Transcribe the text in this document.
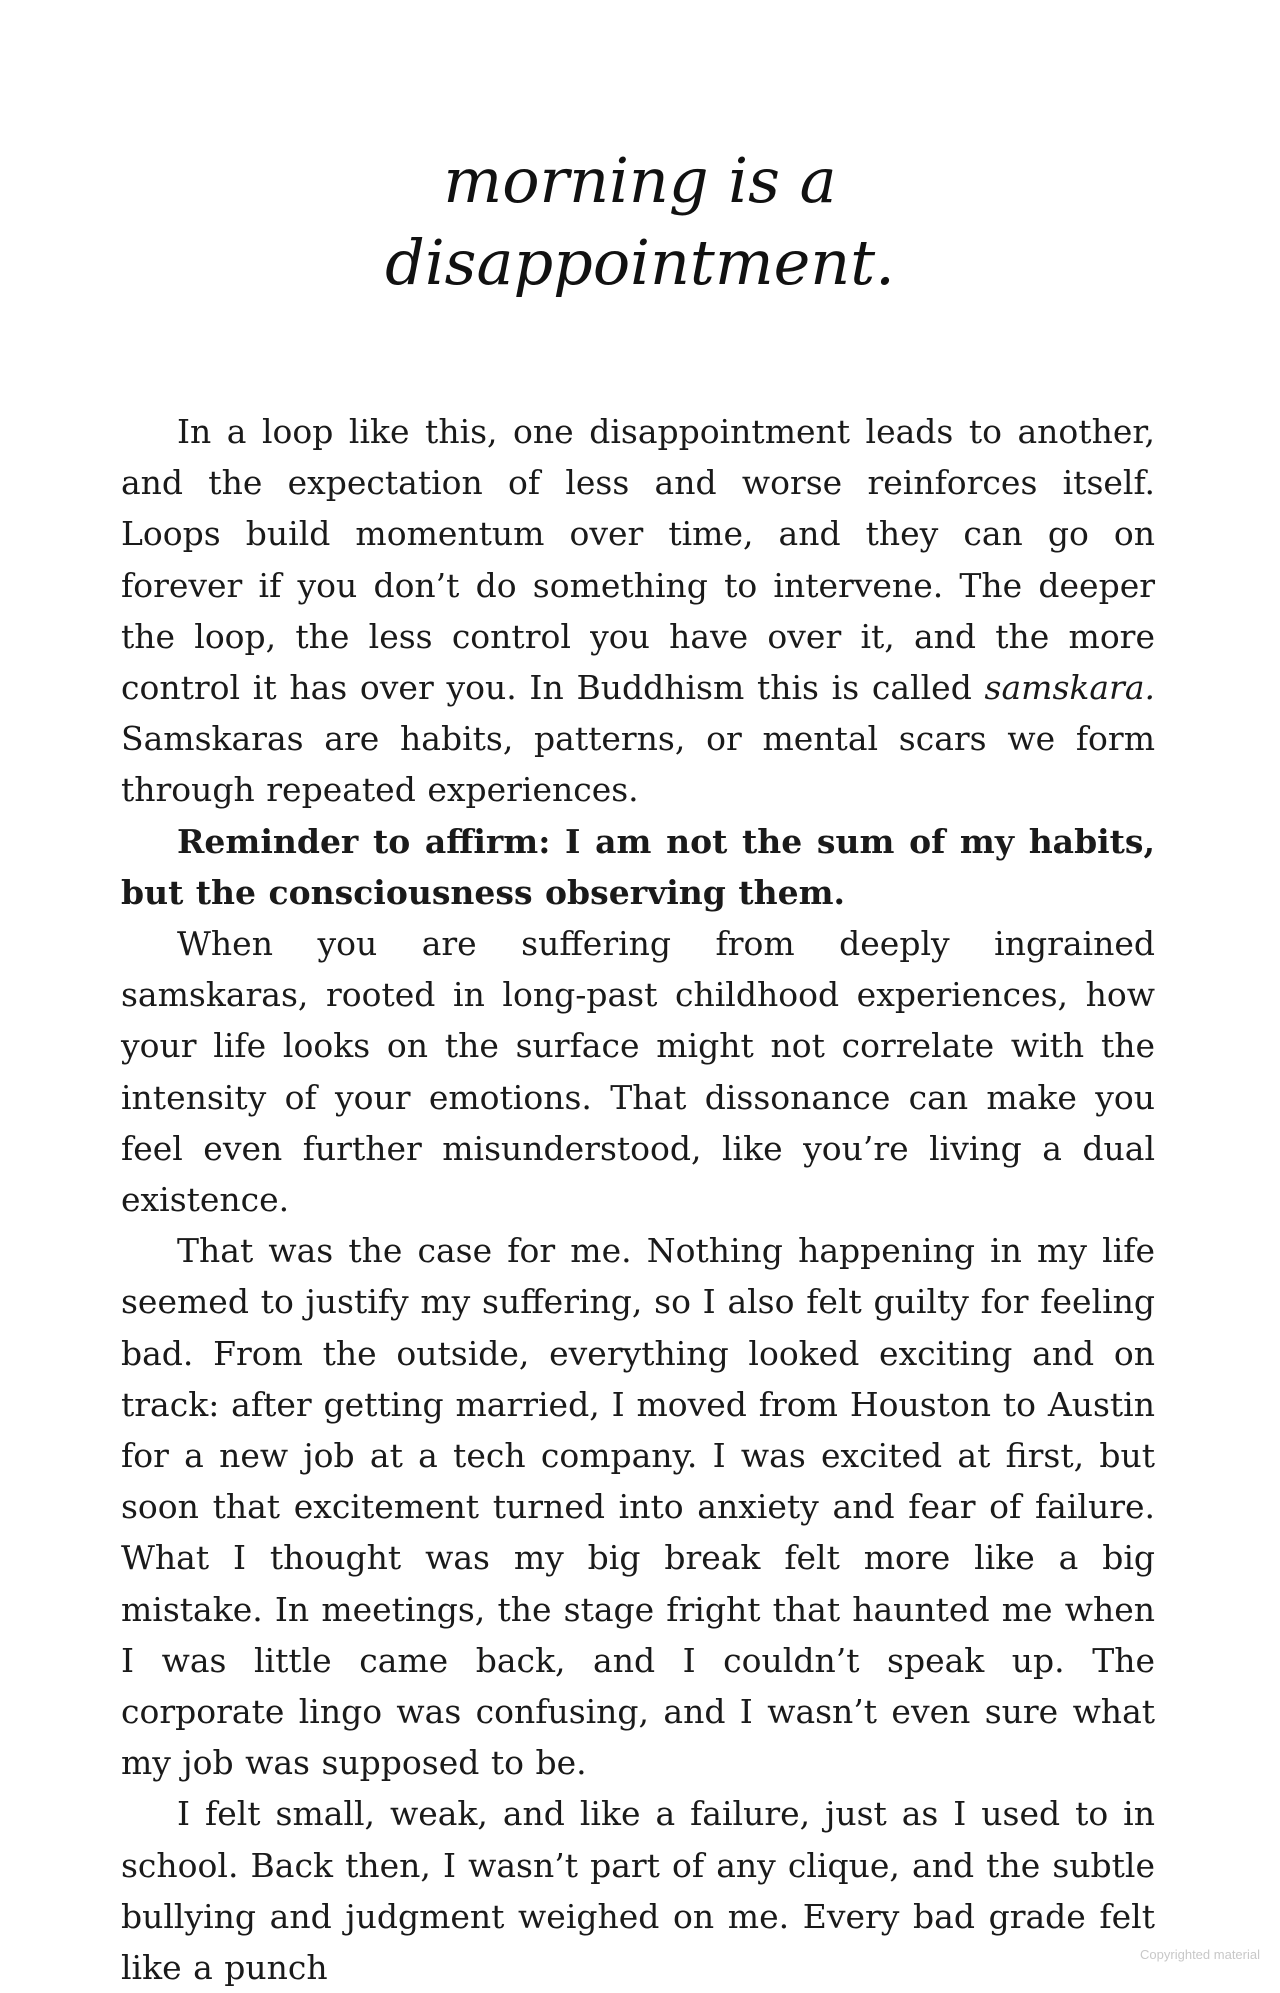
morning is a
disappointment.

In a loop like this, one disappointment leads to another, and the expectation of less and worse reinforces itself. Loops build momentum over time, and they can go on forever if you don’t do something to intervene. The deeper the loop, the less control you have over it, and the more control it has over you. In Buddhism this is called samskara. Samskaras are habits, patterns, or mental scars we form through repeated experiences.

Reminder to affirm: I am not the sum of my habits, but the consciousness observing them.

When you are suffering from deeply ingrained samskaras, rooted in long-past childhood experiences, how your life looks on the surface might not correlate with the intensity of your emotions. That dissonance can make you feel even further misunderstood, like you’re living a dual existence.

That was the case for me. Nothing happening in my life seemed to justify my suffering, so I also felt guilty for feeling bad. From the outside, everything looked exciting and on track: after getting married, I moved from Houston to Austin for a new job at a tech company. I was excited at first, but soon that excitement turned into anxiety and fear of failure. What I thought was my big break felt more like a big mistake. In meetings, the stage fright that haunted me when I was little came back, and I couldn’t speak up. The corporate lingo was confusing, and I wasn’t even sure what my job was supposed to be.

I felt small, weak, and like a failure, just as I used to in school. Back then, I wasn’t part of any clique, and the subtle bullying and judgment weighed on me. Every bad grade felt like a punch	Copyrighted material
